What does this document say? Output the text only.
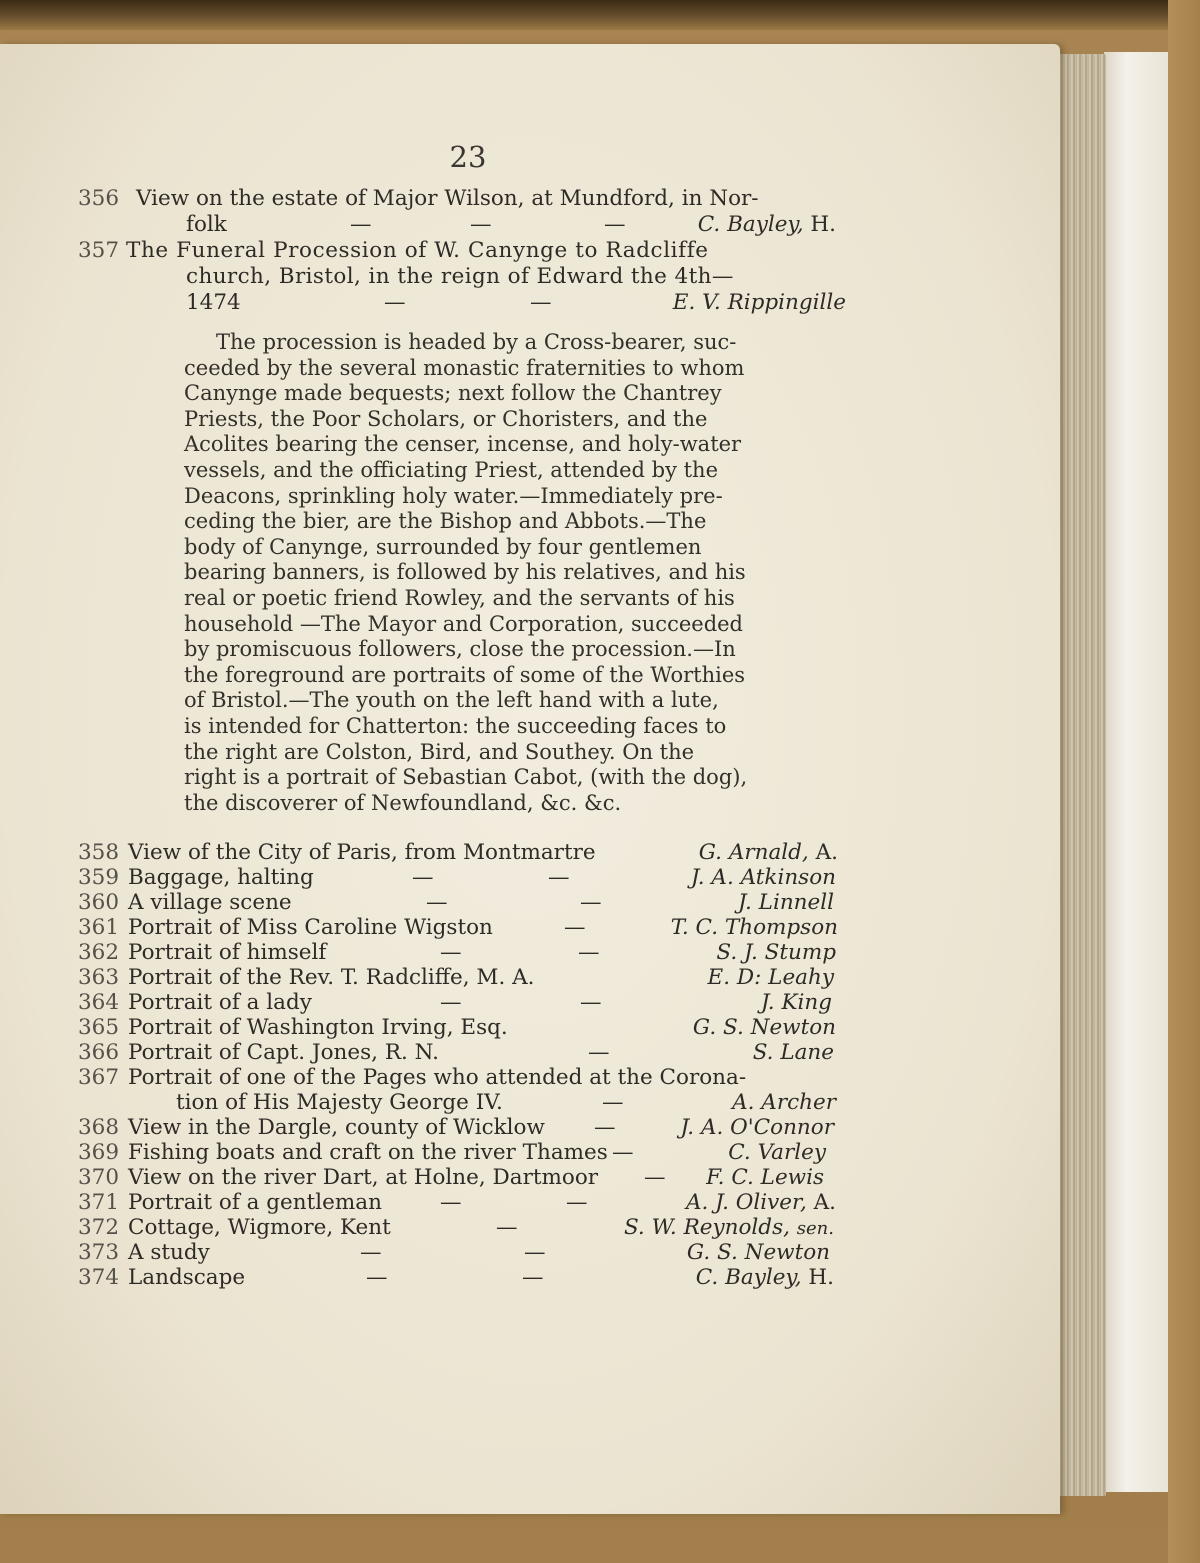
23
356 View on the estate of Major Wilson, at Mundford, in Nor-
folk	—	—	—	C. Bayley, H.
357 The Funeral Procession of W. Canynge to Radcliffe
church, Bristol, in the reign of Edward the 4th—
1474	—	—	E. V. Rippingille
The procession is headed by a Cross-bearer, suc-
ceeded by the several monastic fraternities to whom
Canynge made bequests; next follow the Chantrey
Priests, the Poor Scholars, or Choristers, and the
Acolites bearing the censer, incense, and holy-water
vessels, and the officiating Priest, attended by the
Deacons, sprinkling holy water.—Immediately pre-
ceding the bier, are the Bishop and Abbots.—The
body of Canynge, surrounded by four gentlemen
bearing banners, is followed by his relatives, and his
real or poetic friend Rowley, and the servants of his
household —The Mayor and Corporation, succeeded
by promiscuous followers, close the procession.—In
the foreground are portraits of some of the Worthies
of Bristol.—The youth on the left hand with a lute,
is intended for Chatterton: the succeeding faces to
the right are Colston, Bird, and Southey. On the
right is a portrait of Sebastian Cabot, (with the dog),
the discoverer of Newfoundland, &c. &c.
358 View of the City of Paris, from Montmartre	G. Arnald, A.
359 Baggage, halting	—	—	J. A. Atkinson
360 A village scene	—	—	J. Linnell
361 Portrait of Miss Caroline Wigston	—	T. C. Thompson
362 Portrait of himself	—	—	S. J. Stump
363 Portrait of the Rev. T. Radcliffe, M. A.	E. D: Leahy
364 Portrait of a lady	—	—	J. King
365 Portrait of Washington Irving, Esq.	G. S. Newton
366 Portrait of Capt. Jones, R. N.	—	S. Lane
367 Portrait of one of the Pages who attended at the Corona-
tion of His Majesty George IV.	—	A. Archer
368 View in the Dargle, county of Wicklow —	J. A. O'Connor
369 Fishing boats and craft on the river Thames —	C. Varley
370 View on the river Dart, at Holne, Dartmoor — F. C. Lewis
371 Portrait of a gentleman	—	—	A. J. Oliver, A.
372 Cottage, Wigmore, Kent	—	S. W. Reynolds, sen.
373 A study	—	—	G. S. Newton
374 Landscape	—	—	C. Bayley, H.
